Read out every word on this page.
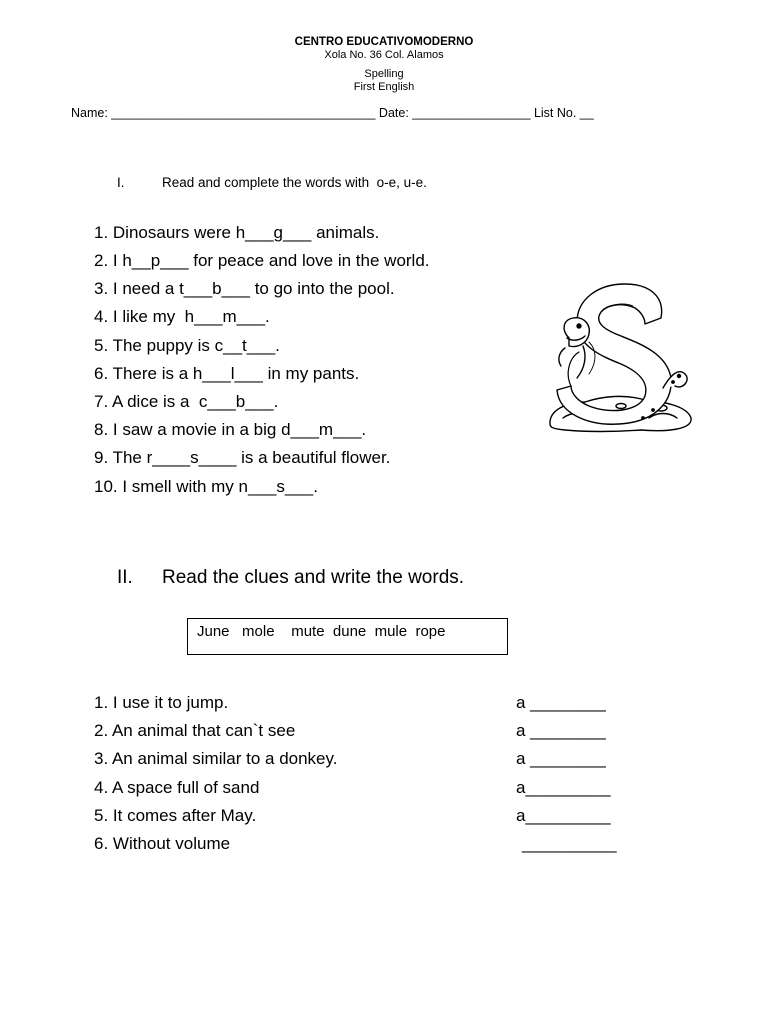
CENTRO EDUCATIVOMODERNO
Xola No. 36 Col. Alamos
Spelling
First English
Name: ______________________________________ Date: _________________ List No. __
I.	Read and complete the words with  o-e, u-e.
1. Dinosaurs were h___g___ animals.
2. I h__p___ for peace and love in the world.
3. I need a t___b___ to go into the pool.
4. I like my  h___m___.
5. The puppy is c__t___.
6. There is a h___l___ in my pants.
7. A dice is a  c___b___.
8. I saw a movie in a big d___m___.
9. The r____s____ is a beautiful flower.
10. I smell with my n___s___.
II. Read the clues and write the words.
June   mole    mute  dune  mule  rope
1. I use it to jump.	a ________
2. An animal that can`t see	a ________
3. An animal similar to a donkey.	a ________
4. A space full of sand	a_________
5. It comes after May.	a_________
6. Without volume	__________
